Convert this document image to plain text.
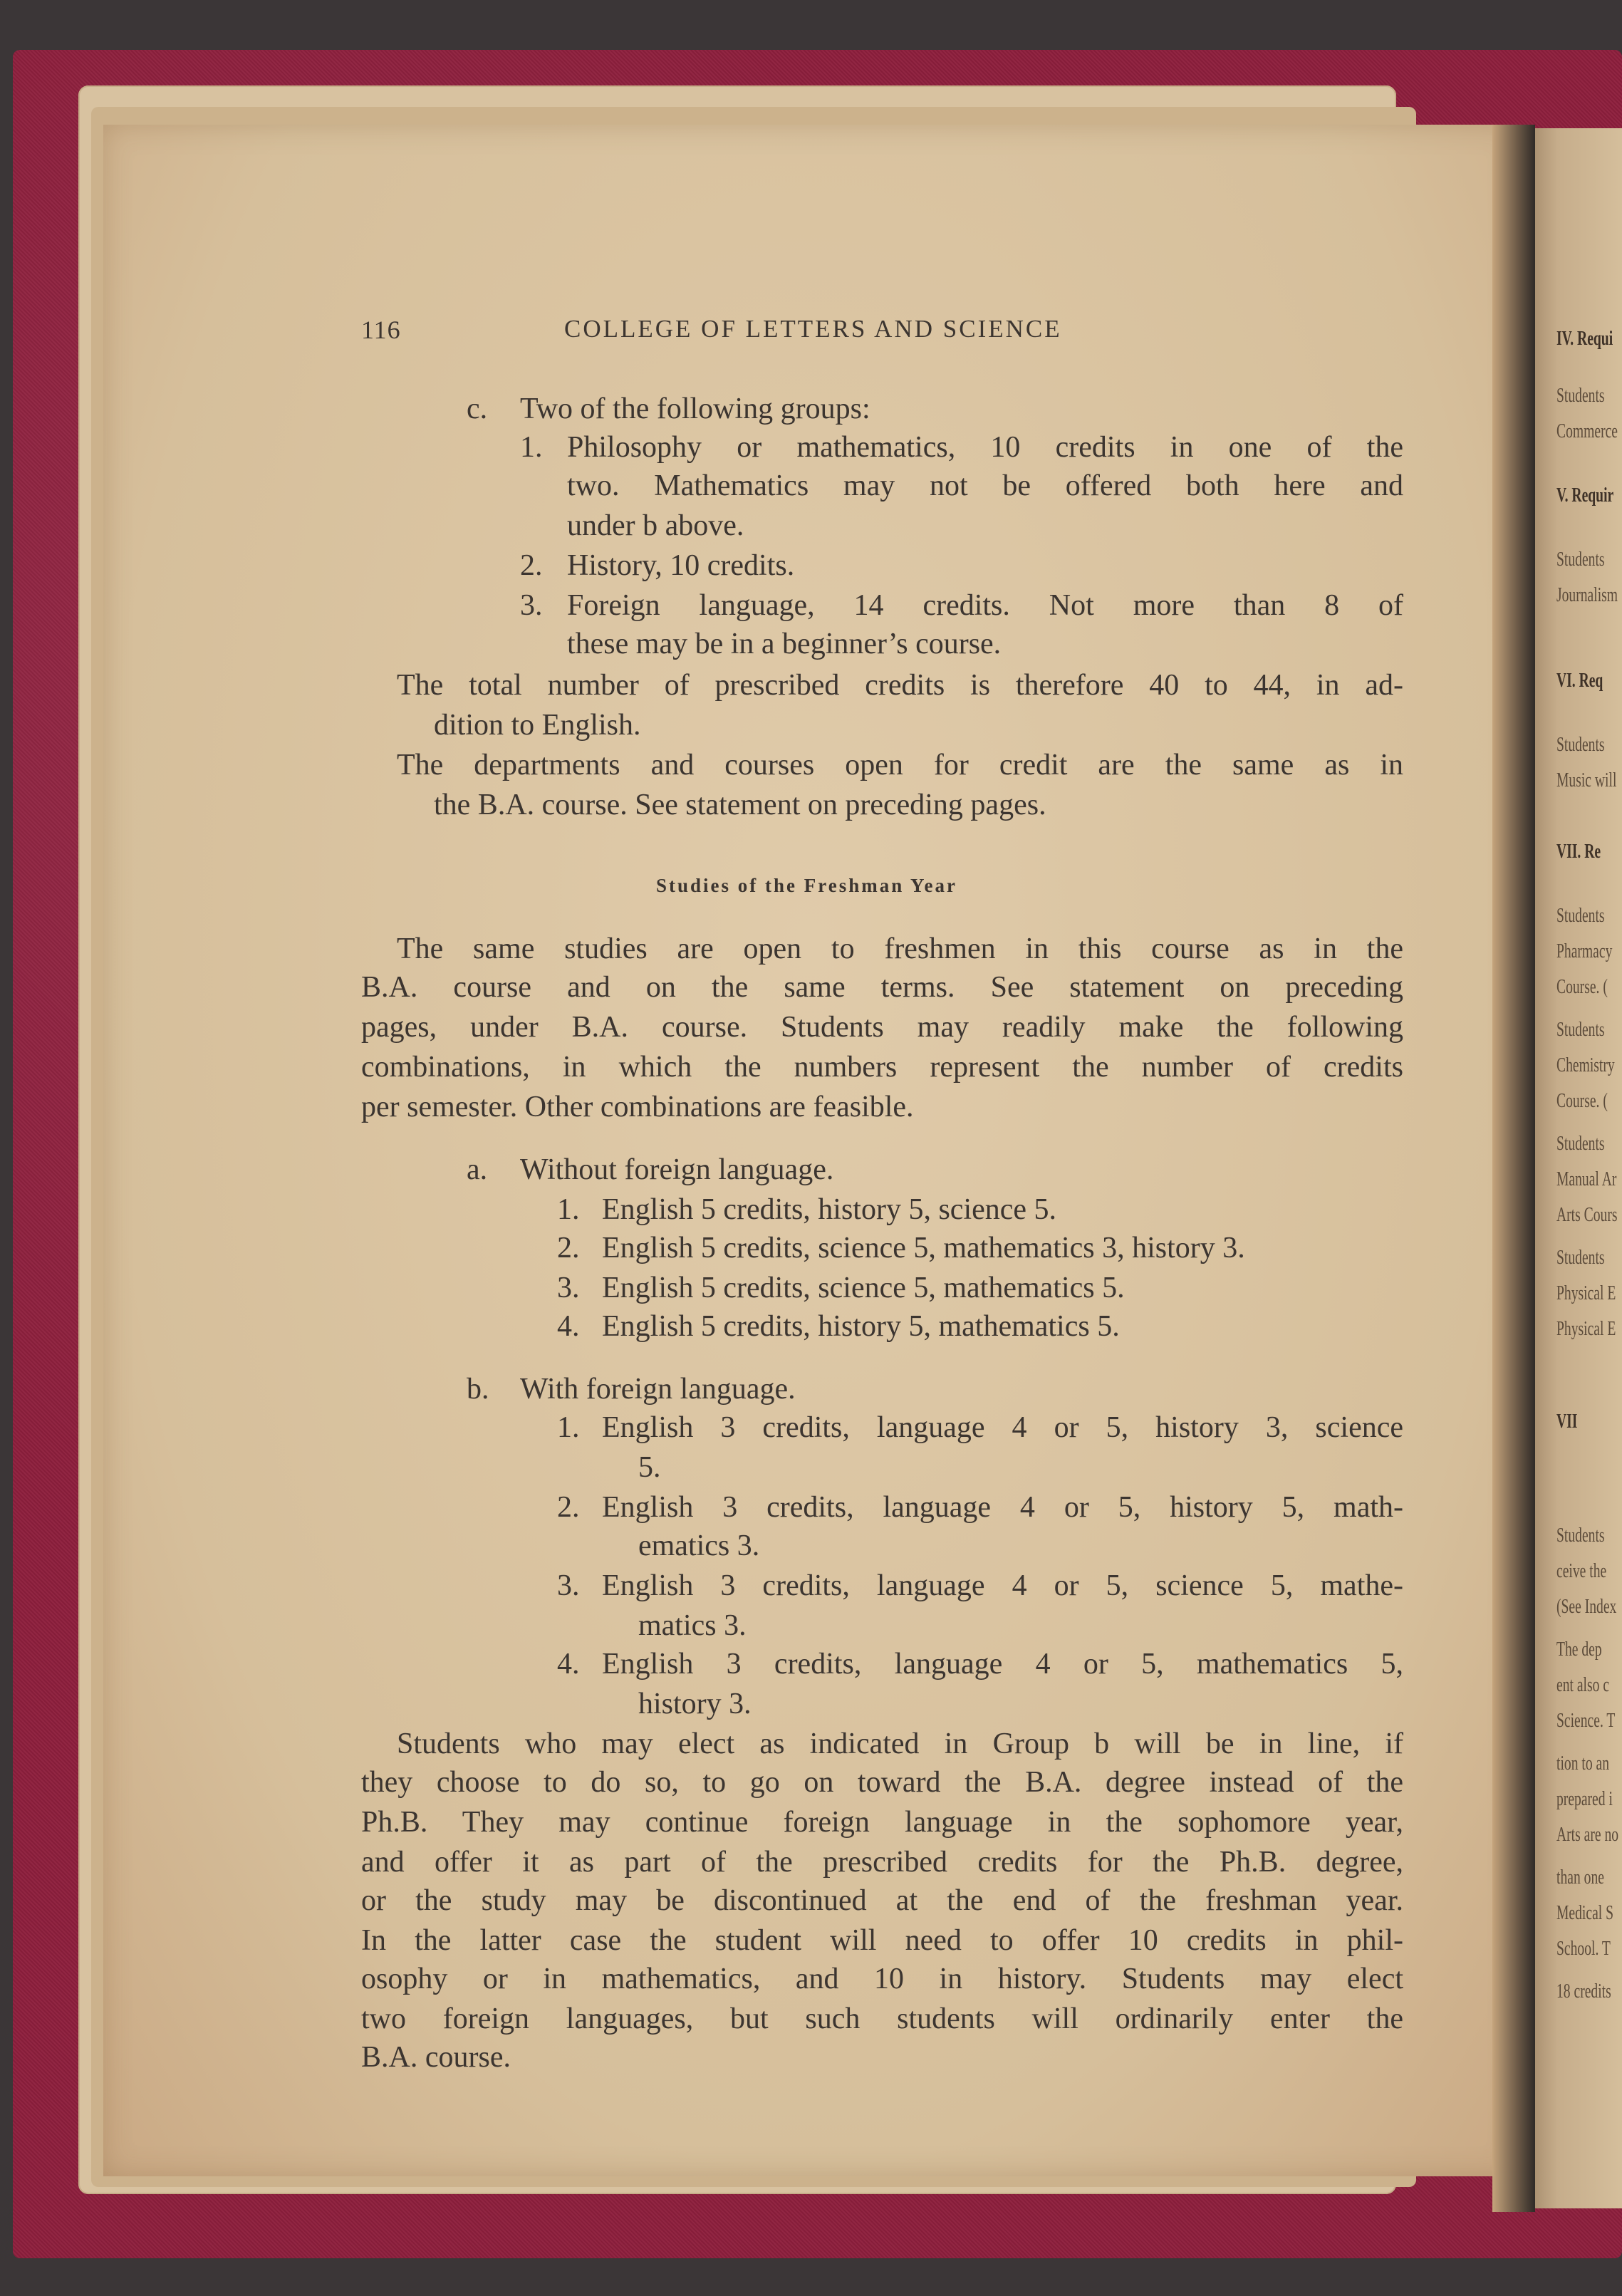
IV. Requi
Students
Commerce
V. Requir
Students
Journalism
VI. Req
Students
Music will
VII. Re
Students
Pharmacy
Course. (
Students
Chemistry
Course. (
Students
Manual Ar
Arts Cours
Students
Physical E
Physical E
VII
Students
ceive the
(See Index
The dep
ent also c
Science. T
tion to an
prepared i
Arts are no
than one
Medical S
School. T
18 credits
116	COLLEGE OF LETTERS AND SCIENCE
c. Two of the following groups:
1. Philosophy or mathematics, 10 credits in one of the
two. Mathematics may not be offered both here and
under b above.
2. History, 10 credits.
3. Foreign language, 14 credits. Not more than 8 of
these may be in a beginner’s course.
The total number of prescribed credits is therefore 40 to 44, in ad-
dition to English.
The departments and courses open for credit are the same as in
the B.A. course. See statement on preceding pages.
Studies of the Freshman Year
The same studies are open to freshmen in this course as in the
B.A. course and on the same terms. See statement on preceding
pages, under B.A. course. Students may readily make the following
combinations, in which the numbers represent the number of credits
per semester. Other combinations are feasible.
a. Without foreign language.
1. English 5 credits, history 5, science 5.
2. English 5 credits, science 5, mathematics 3, history 3.
3. English 5 credits, science 5, mathematics 5.
4. English 5 credits, history 5, mathematics 5.
b. With foreign language.
1. English 3 credits, language 4 or 5, history 3, science
5.
2. English 3 credits, language 4 or 5, history 5, math-
ematics 3.
3. English 3 credits, language 4 or 5, science 5, mathe-
matics 3.
4. English 3 credits, language 4 or 5, mathematics 5,
history 3.
Students who may elect as indicated in Group b will be in line, if
they choose to do so, to go on toward the B.A. degree instead of the
Ph.B. They may continue foreign language in the sophomore year,
and offer it as part of the prescribed credits for the Ph.B. degree,
or the study may be discontinued at the end of the freshman year.
In the latter case the student will need to offer 10 credits in phil-
osophy or in mathematics, and 10 in history. Students may elect
two foreign languages, but such students will ordinarily enter the
B.A. course.
